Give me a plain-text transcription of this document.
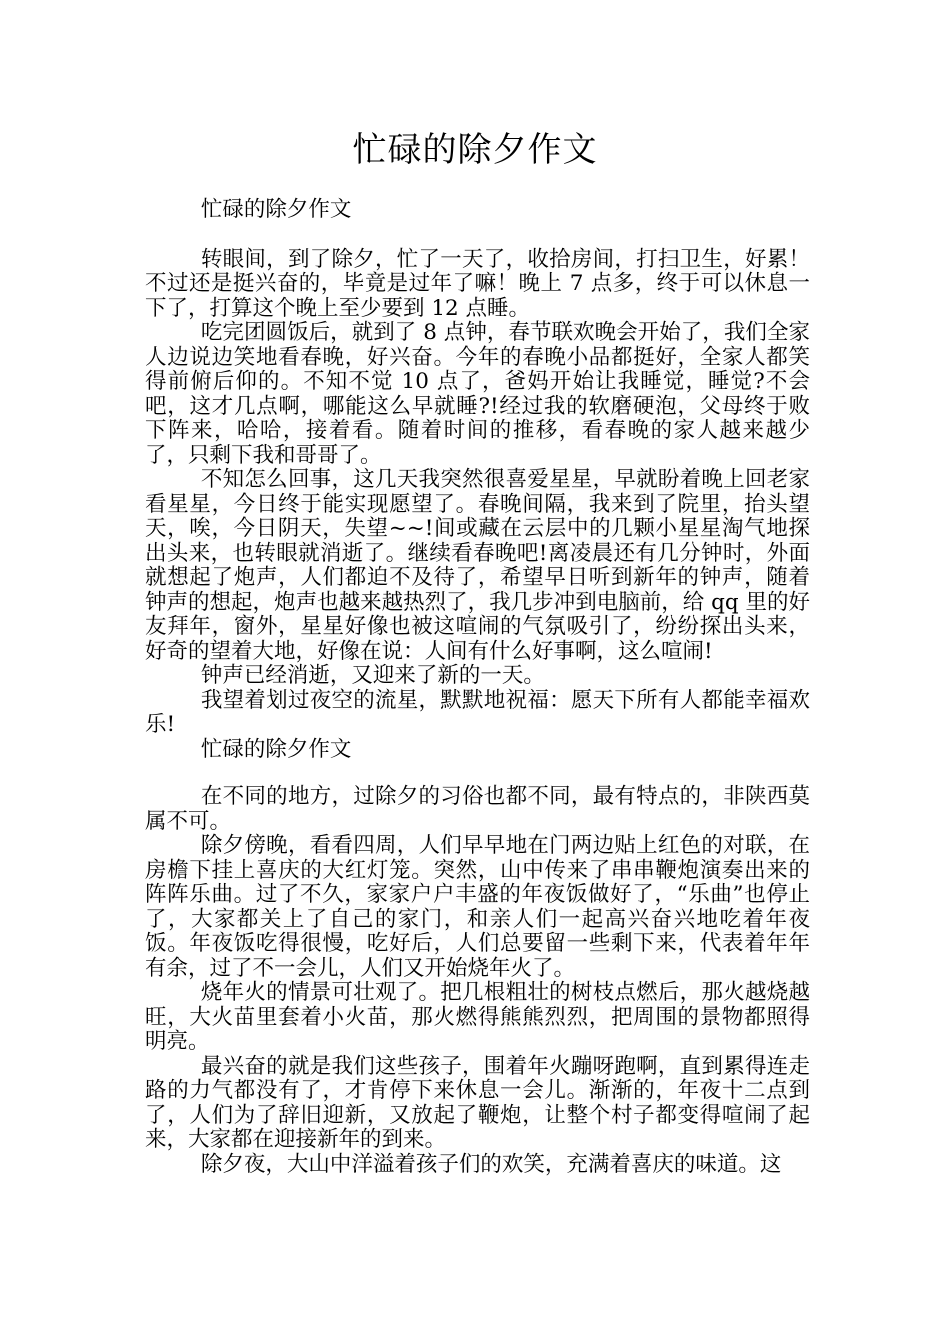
忙碌的除夕作文

忙碌的除夕作文

转眼间，到了除夕，忙了一天了，收拾房间，打扫卫生，好累！不过还是挺兴奋的，毕竟是过年了嘛！晚上 7 点多，终于可以休息一下了，打算这个晚上至少要到 12 点睡。

吃完团圆饭后，就到了 8 点钟，春节联欢晚会开始了，我们全家人边说边笑地看春晚，好兴奋。今年的春晚小品都挺好，全家人都笑得前俯后仰的。不知不觉 10 点了，爸妈开始让我睡觉，睡觉?不会吧，这才几点啊，哪能这么早就睡?!经过我的软磨硬泡，父母终于败下阵来，哈哈，接着看。随着时间的推移，看春晚的家人越来越少了，只剩下我和哥哥了。

不知怎么回事，这几天我突然很喜爱星星，早就盼着晚上回老家看星星，今日终于能实现愿望了。春晚间隔，我来到了院里，抬头望天，唉，今日阴天，失望~~!间或藏在云层中的几颗小星星淘气地探出头来，也转眼就消逝了。继续看春晚吧!离凌晨还有几分钟时，外面就想起了炮声，人们都迫不及待了，希望早日听到新年的钟声，随着钟声的想起，炮声也越来越热烈了，我几步冲到电脑前，给 qq 里的好友拜年，窗外，星星好像也被这喧闹的气氛吸引了，纷纷探出头来，好奇的望着大地，好像在说：人间有什么好事啊，这么喧闹!

钟声已经消逝，又迎来了新的一天。

我望着划过夜空的流星，默默地祝福：愿天下所有人都能幸福欢乐!

忙碌的除夕作文

在不同的地方，过除夕的习俗也都不同，最有特点的，非陕西莫属不可。

除夕傍晚，看看四周，人们早早地在门两边贴上红色的对联，在房檐下挂上喜庆的大红灯笼。突然，山中传来了串串鞭炮演奏出来的阵阵乐曲。过了不久，家家户户丰盛的年夜饭做好了，“乐曲”也停止了，大家都关上了自己的家门，和亲人们一起高兴奋兴地吃着年夜饭。年夜饭吃得很慢，吃好后，人们总要留一些剩下来，代表着年年有余，过了不一会儿，人们又开始烧年火了。

烧年火的情景可壮观了。把几根粗壮的树枝点燃后，那火越烧越旺，大火苗里套着小火苗，那火燃得熊熊烈烈，把周围的景物都照得明亮。

最兴奋的就是我们这些孩子，围着年火蹦呀跑啊，直到累得连走路的力气都没有了，才肯停下来休息一会儿。渐渐的，年夜十二点到了，人们为了辞旧迎新，又放起了鞭炮，让整个村子都变得喧闹了起来，大家都在迎接新年的到来。

除夕夜，大山中洋溢着孩子们的欢笑，充满着喜庆的味道。这
